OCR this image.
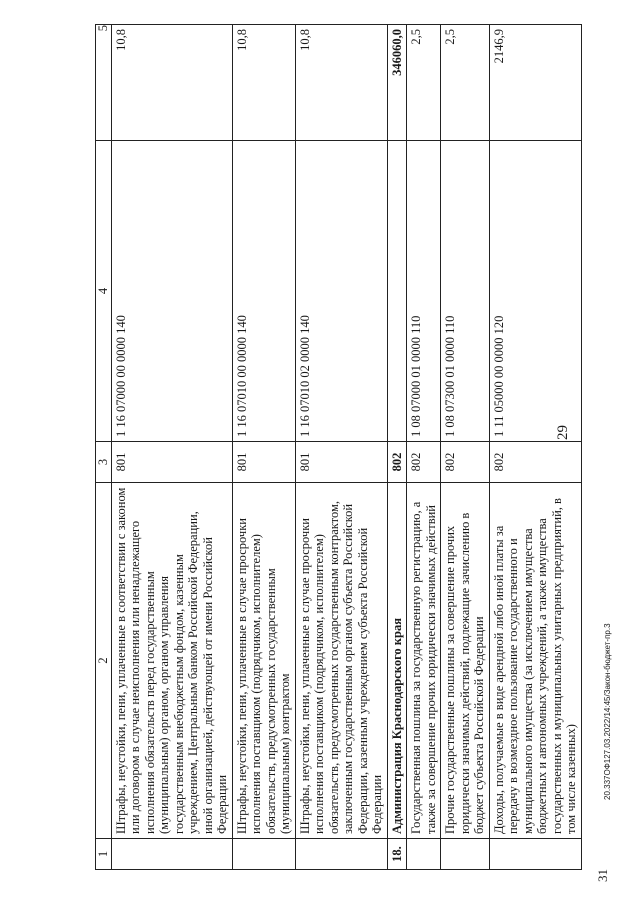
29
1	2	3	4	5
	Штрафы, неустойки, пени, уплаченные в соответствии с законом или договором в случае неисполнения или ненадлежащего исполнения обязательств перед государственным (муниципальным) органом, органом управления государственным внебюджетным фондом, казенным учреждением, Центральным банком Российской Федерации, иной организацией, действующей от имени Российской Федерации	801	1 16 07000 00 0000 140	10,8
	Штрафы, неустойки, пени, уплаченные в случае просрочки исполнения поставщиком (подрядчиком, исполнителем) обязательств, предусмотренных государственным (муниципальным) контрактом	801	1 16 07010 00 0000 140	10,8
	Штрафы, неустойки, пени, уплаченные в случае просрочки исполнения поставщиком (подрядчиком, исполнителем) обязательств, предусмотренных государственным контрактом, заключенным государственным органом субъекта Российской Федерации, казенным учреждением субъекта Российской Федерации	801	1 16 07010 02 0000 140	10,8
18.	Администрация Краснодарского края	802		346060,0
	Государственная пошлина за государственную регистрацию, а также за совершение прочих юридически значимых действий	802	1 08 07000 01 0000 110	2,5
	Прочие государственные пошлины за совершение прочих юридически значимых действий, подлежащие зачислению в бюджет субъекта Российской Федерации	802	1 08 07300 01 0000 110	2,5
	Доходы, получаемые в виде арендной либо иной платы за передачу в возмездное пользование государственного и муниципального имущества (за исключением имущества бюджетных и автономных учреждений, а также имущества государственных и муниципальных унитарных предприятий, в том числе казенных)	802	1 11 05000 00 0000 120	2146,9
20.337ОФ127.03.2022/14:45/Закон-бюджет-пр.3
31
